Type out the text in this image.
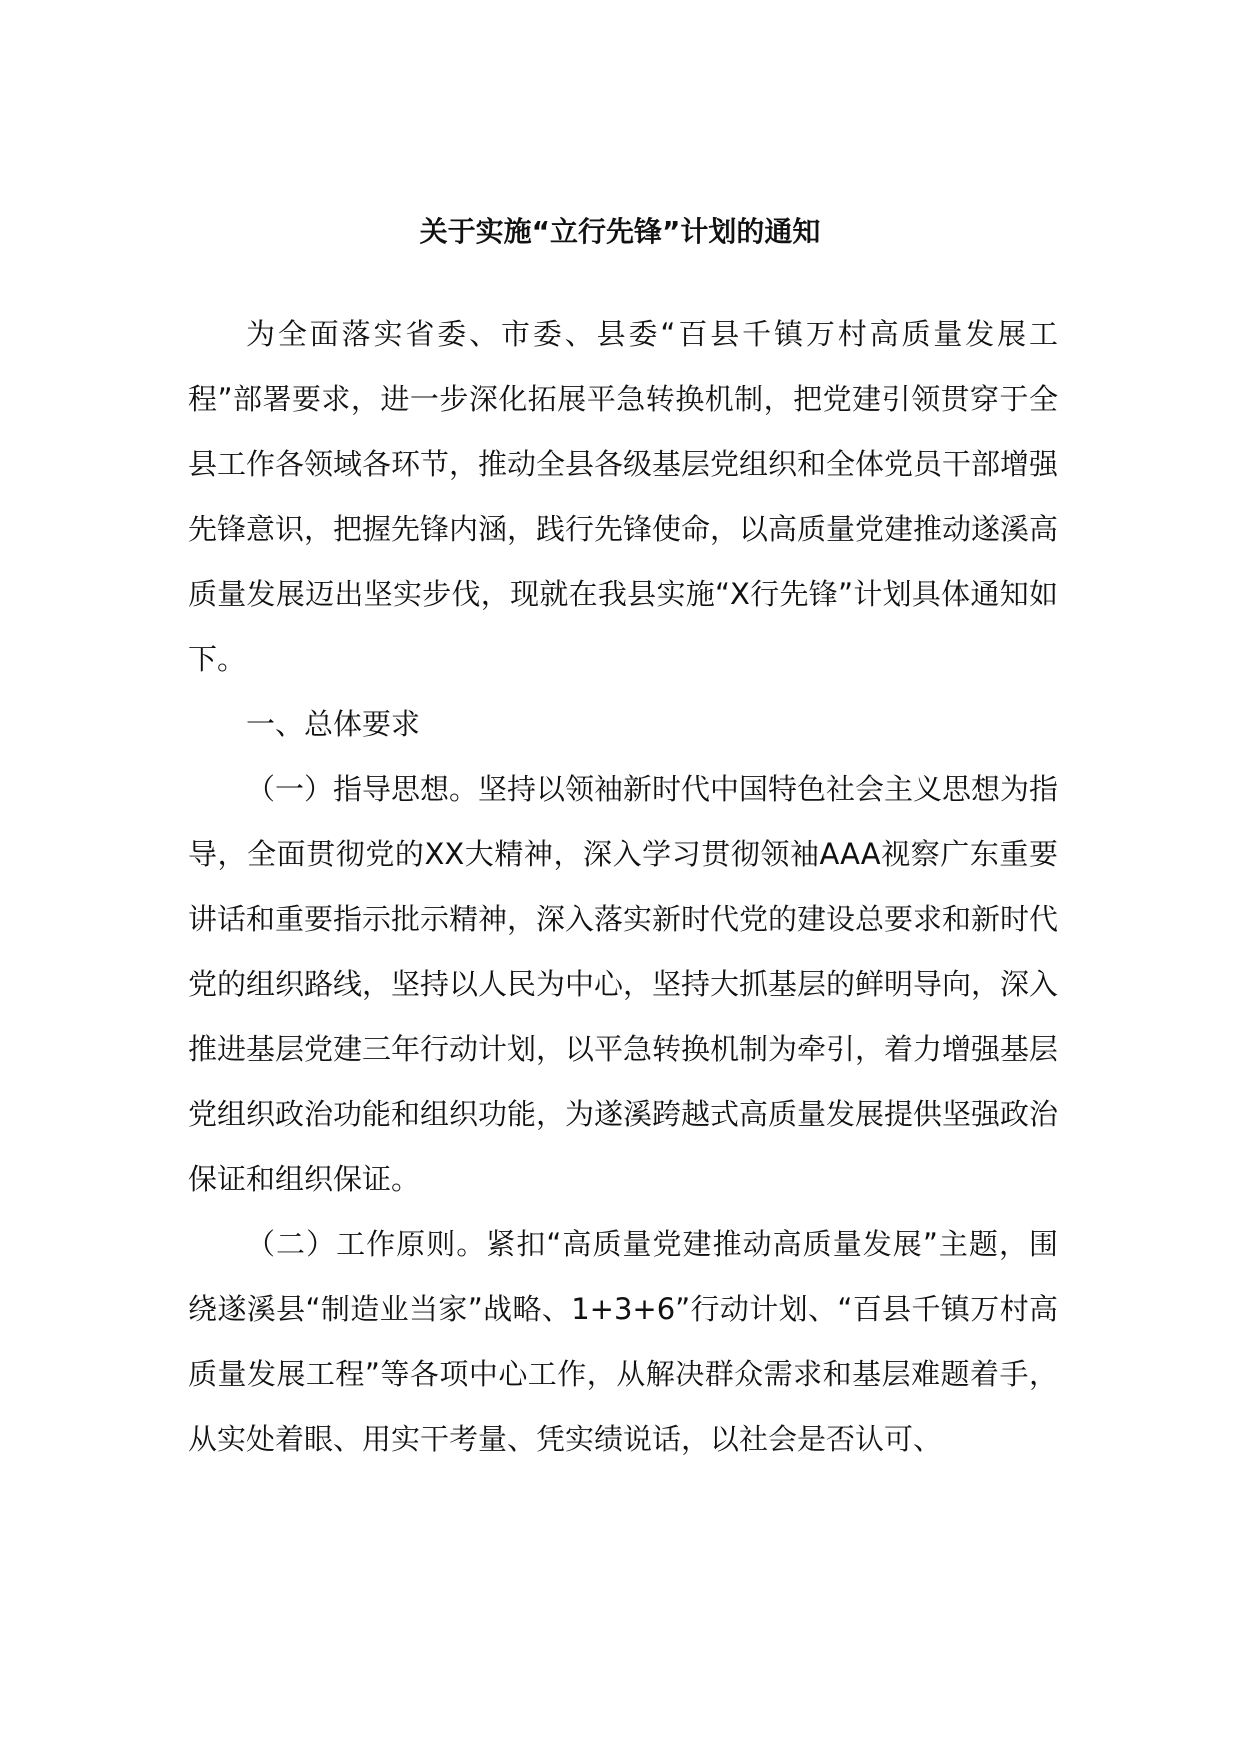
关于实施“立行先锋”计划的通知

为全面落实省委、市委、县委“百县千镇万村高质量发展工程”部署要求，进一步深化拓展平急转换机制，把党建引领贯穿于全县工作各领域各环节，推动全县各级基层党组织和全体党员干部增强先锋意识，把握先锋内涵，践行先锋使命，以高质量党建推动遂溪高质量发展迈出坚实步伐，现就在我县实施“X行先锋”计划具体通知如下。

一、总体要求

（一）指导思想。坚持以领袖新时代中国特色社会主义思想为指导，全面贯彻党的XX大精神，深入学习贯彻领袖AAA视察广东重要讲话和重要指示批示精神，深入落实新时代党的建设总要求和新时代党的组织路线，坚持以人民为中心，坚持大抓基层的鲜明导向，深入推进基层党建三年行动计划，以平急转换机制为牵引，着力增强基层党组织政治功能和组织功能，为遂溪跨越式高质量发展提供坚强政治保证和组织保证。

（二）工作原则。紧扣“高质量党建推动高质量发展”主题，围绕遂溪县“制造业当家”战略、1+3+6”行动计划、“百县千镇万村高质量发展工程”等各项中心工作，从解决群众需求和基层难题着手，从实处着眼、用实干考量、凭实绩说话，以社会是否认可、
